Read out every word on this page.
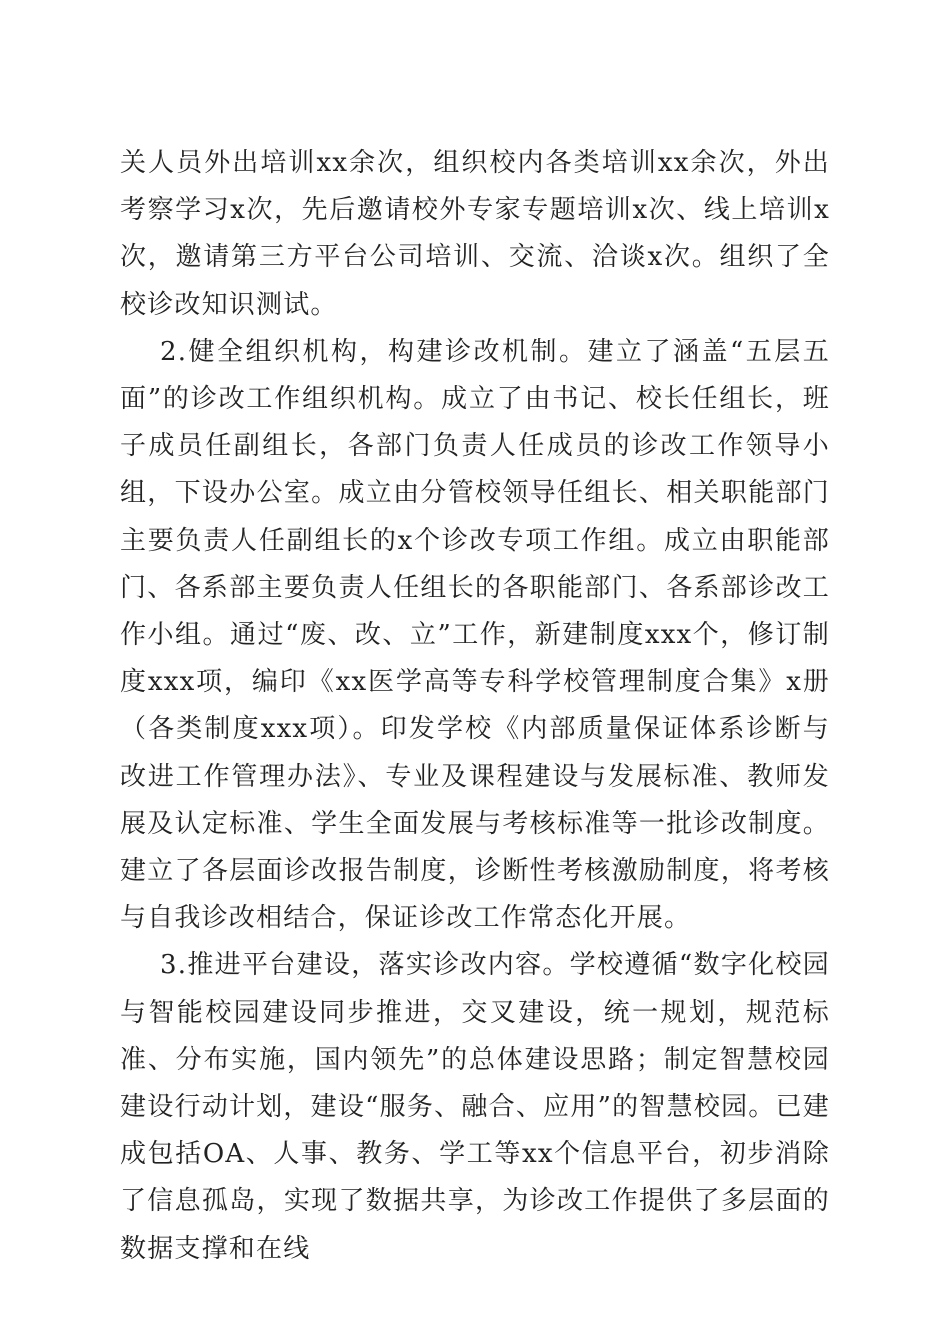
关人员外出培训xx余次，组织校内各类培训xx余次，外出考察学习x次，先后邀请校外专家专题培训x次、线上培训x次，邀请第三方平台公司培训、交流、洽谈x次。组织了全校诊改知识测试。

2.健全组织机构，构建诊改机制。建立了涵盖“五层五面”的诊改工作组织机构。成立了由书记、校长任组长，班子成员任副组长，各部门负责人任成员的诊改工作领导小组，下设办公室。成立由分管校领导任组长、相关职能部门主要负责人任副组长的x个诊改专项工作组。成立由职能部门、各系部主要负责人任组长的各职能部门、各系部诊改工作小组。通过“废、改、立”工作，新建制度xxx个，修订制度xxx项，编印《xx医学高等专科学校管理制度合集》x册（各类制度xxx项）。印发学校《内部质量保证体系诊断与改进工作管理办法》、专业及课程建设与发展标准、教师发展及认定标准、学生全面发展与考核标准等一批诊改制度。建立了各层面诊改报告制度，诊断性考核激励制度，将考核与自我诊改相结合，保证诊改工作常态化开展。

3.推进平台建设，落实诊改内容。学校遵循“数字化校园与智能校园建设同步推进，交叉建设，统一规划，规范标准、分布实施，国内领先”的总体建设思路；制定智慧校园建设行动计划，建设“服务、融合、应用”的智慧校园。已建成包括OA、人事、教务、学工等xx个信息平台，初步消除了信息孤岛，实现了数据共享，为诊改工作提供了多层面的数据支撑和在线
